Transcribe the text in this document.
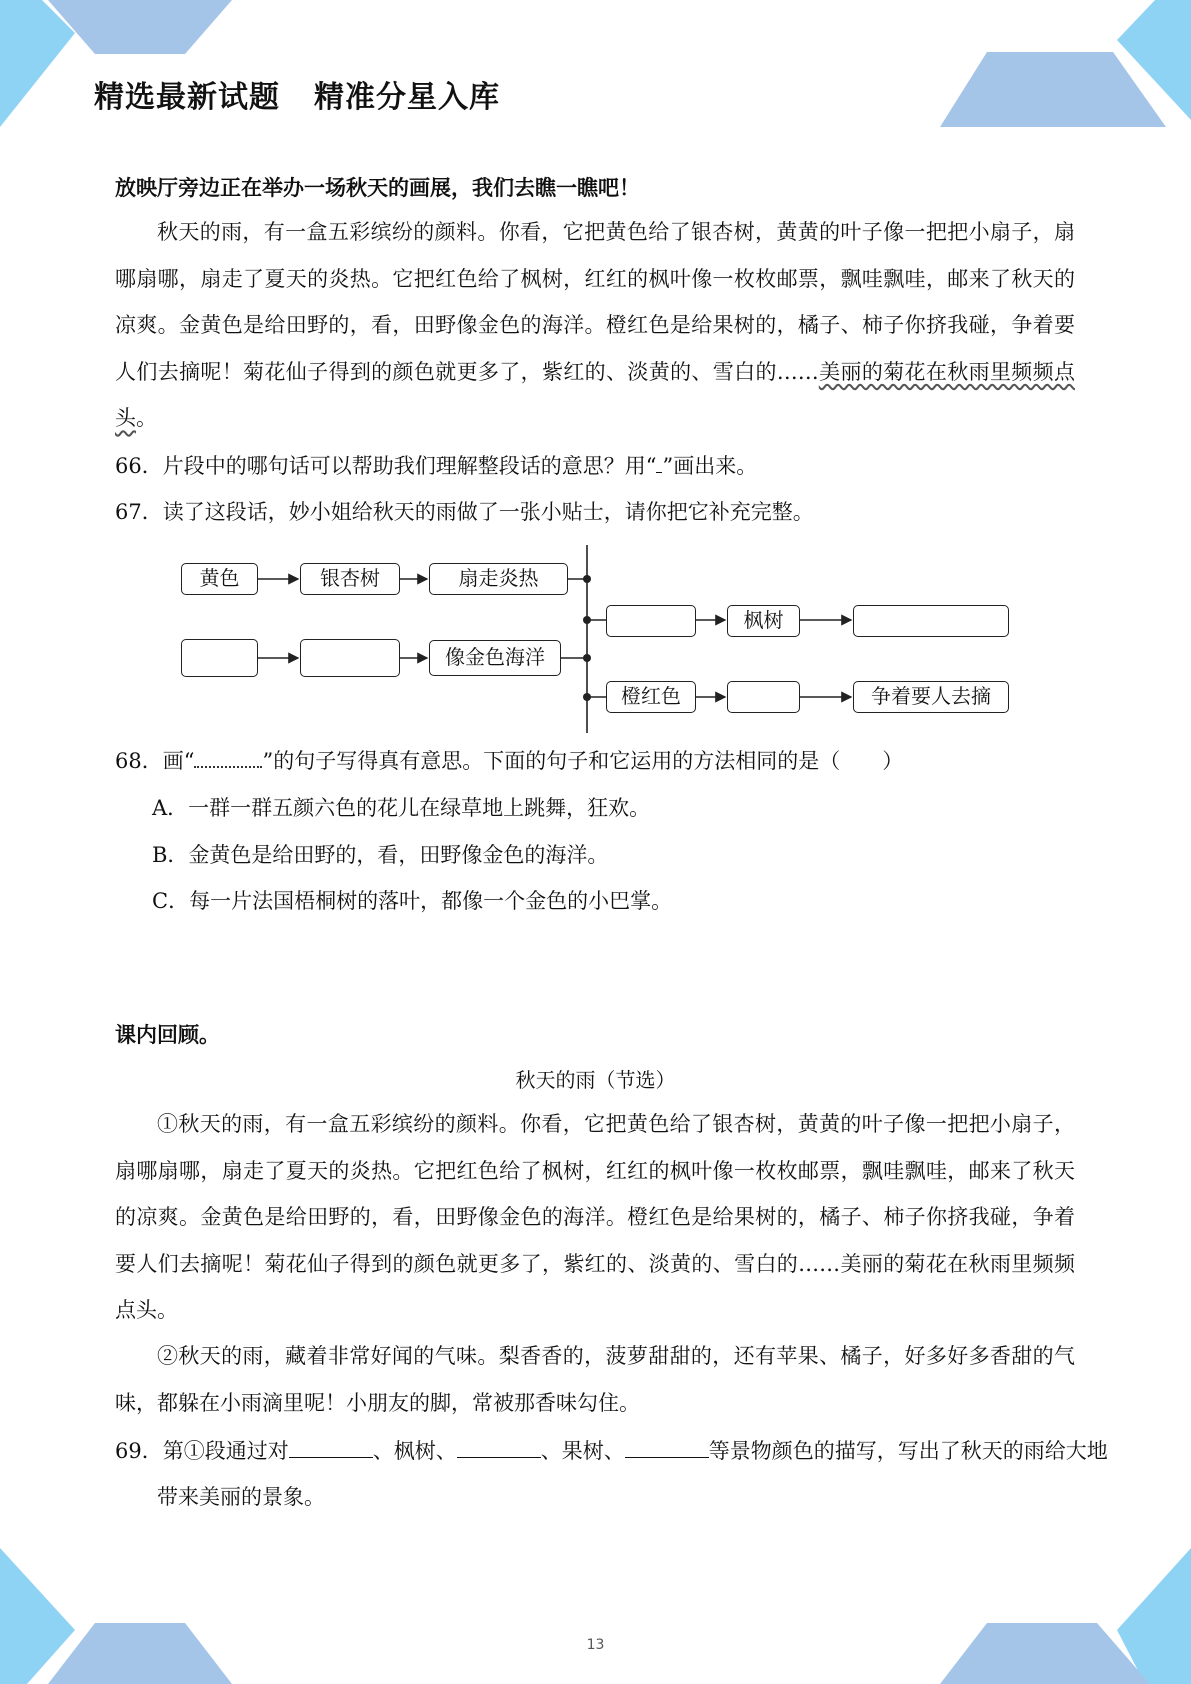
精选最新试题 精准分星入库
放映厅旁边正在举办一场秋天的画展，我们去瞧一瞧吧！

秋天的雨，有一盒五彩缤纷的颜料。你看，它把黄色给了银杏树，黄黄的叶子像一把把小扇子，扇哪扇哪，扇走了夏天的炎热。它把红色给了枫树，红红的枫叶像一枚枚邮票，飘哇飘哇，邮来了秋天的凉爽。金黄色是给田野的，看，田野像金色的海洋。橙红色是给果树的，橘子、柿子你挤我碰，争着要人们去摘呢！菊花仙子得到的颜色就更多了，紫红的、淡黄的、雪白的……美丽的菊花在秋雨里频频点头。

66．片段中的哪句话可以帮助我们理解整段话的意思？用“ ”画出来。

67．读了这段话，妙小姐给秋天的雨做了一张小贴士，请你把它补充完整。

黄色	银杏树	扇走炎热
枫树
像金色海洋
橙红色	争着要人去摘

68．画“	”的句子写得真有意思。下面的句子和它运用的方法相同的是（　　）

A．一群一群五颜六色的花儿在绿草地上跳舞，狂欢。
B．金黄色是给田野的，看，田野像金色的海洋。
C．每一片法国梧桐树的落叶，都像一个金色的小巴掌。
课内回顾。
秋天的雨（节选）

①秋天的雨，有一盒五彩缤纷的颜料。你看，它把黄色给了银杏树，黄黄的叶子像一把把小扇子，扇哪扇哪，扇走了夏天的炎热。它把红色给了枫树，红红的枫叶像一枚枚邮票，飘哇飘哇，邮来了秋天的凉爽。金黄色是给田野的，看，田野像金色的海洋。橙红色是给果树的，橘子、柿子你挤我碰，争着要人们去摘呢！菊花仙子得到的颜色就更多了，紫红的、淡黄的、雪白的……美丽的菊花在秋雨里频频点头。

②秋天的雨，藏着非常好闻的气味。梨香香的，菠萝甜甜的，还有苹果、橘子，好多好多香甜的气味，都躲在小雨滴里呢！小朋友的脚，常被那香味勾住。

69．第①段通过对	、枫树、	、果树、	等景物颜色的描写，写出了秋天的雨给大地带来美丽的景象。

13
